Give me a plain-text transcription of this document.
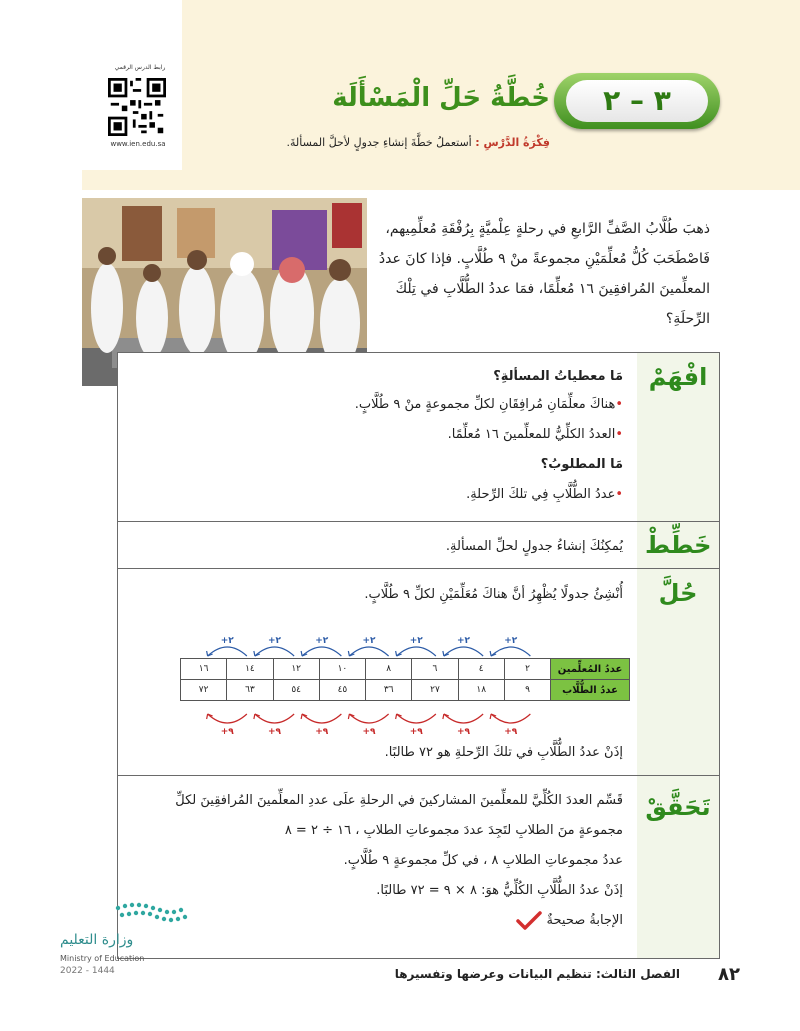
رابط الدرس الرقمي
www.ien.edu.sa
٣ – ٢
خُطَّةُ حَلِّ الْمَسْأَلَة
فِكْرَةُ الدَّرْسِ : أستعملُ خطَّةَ إنشاءِ جدولٍ لأحلَّ المسألةَ.
ذهبَ طُلَّابُ الصَّفِّ الرَّابعِ في رحلةٍ عِلْميَّةٍ بِرُفْقَةِ مُعلِّمِيهم، فَاصْطَحَبَ كُلُّ مُعلِّمَيْنِ مجموعةً منْ ٩ طُلَّابٍ. فإذا كانَ عددُ المعلِّمينَ المُرافقِينَ ١٦ مُعلِّمًا، فمَا عددُ الطُّلَّابِ في تِلْكَ الرِّحلَةِ؟
افْهَمْ
خَطِّطْ
حُلَّ
تَحَقَّقْ
مَا معطياتُ المسألةِ؟
•هناكَ معلِّمَانِ مُرافِقَانِ لكلِّ مجموعةٍ منْ ٩ طُلَّابٍ.
•العددُ الكلِّيُّ للمعلِّمينَ ١٦ مُعلِّمًا.
مَا المطلوبُ؟
•عددُ الطُّلَّابِ فِي تلكَ الرِّحلةِ.
يُمكِنُكَ إنشاءُ جدولٍ لحلِّ المسألةِ.
أُنْشِئُ جدولًا يُظْهِرُ أنَّ هناكَ مُعَلِّمَيْنِ لكلِّ ٩ طُلَّابٍ.
إذَنْ عددُ الطُّلَّابِ في تلكَ الرِّحلةِ هو ٧٢ طالبًا.
قَسِّم العددَ الكُلِّيَّ للمعلِّمينَ المشاركينَ في الرحلةِ علَى عددِ المعلِّمينَ المُرافقِينَ لكلِّ
مجموعةٍ منَ الطلابِ لتَجِدَ عددَ مجموعاتِ الطلابِ ، ١٦ ÷ ٢ = ٨
عددُ مجموعاتِ الطلابِ ٨ ، في كلِّ مجموعةٍ ٩ طُلَّابٍ.
إذَنْ عددُ الطُّلَّابِ الكُلِّيُّ هوَ: ٨ × ٩ = ٧٢ طالبًا.
الإجابةُ صحيحةٌ
١٦	١٤	١٢	١٠	٨	٦	٤	٢	عددُ المُعلِّمين
٧٢	٦٣	٥٤	٤٥	٣٦	٢٧	١٨	٩	عددُ الطُّلَّاب
+٢
+٩
+٢
+٩
+٢
+٩
+٢
+٩
+٢
+٩
+٢
+٩
+٢
+٩
وزارة التعليم
Ministry of Education
2022 - 1444	٨٢
الفصل الثالث: تنظيم البيانات وعرضها وتفسيرها
